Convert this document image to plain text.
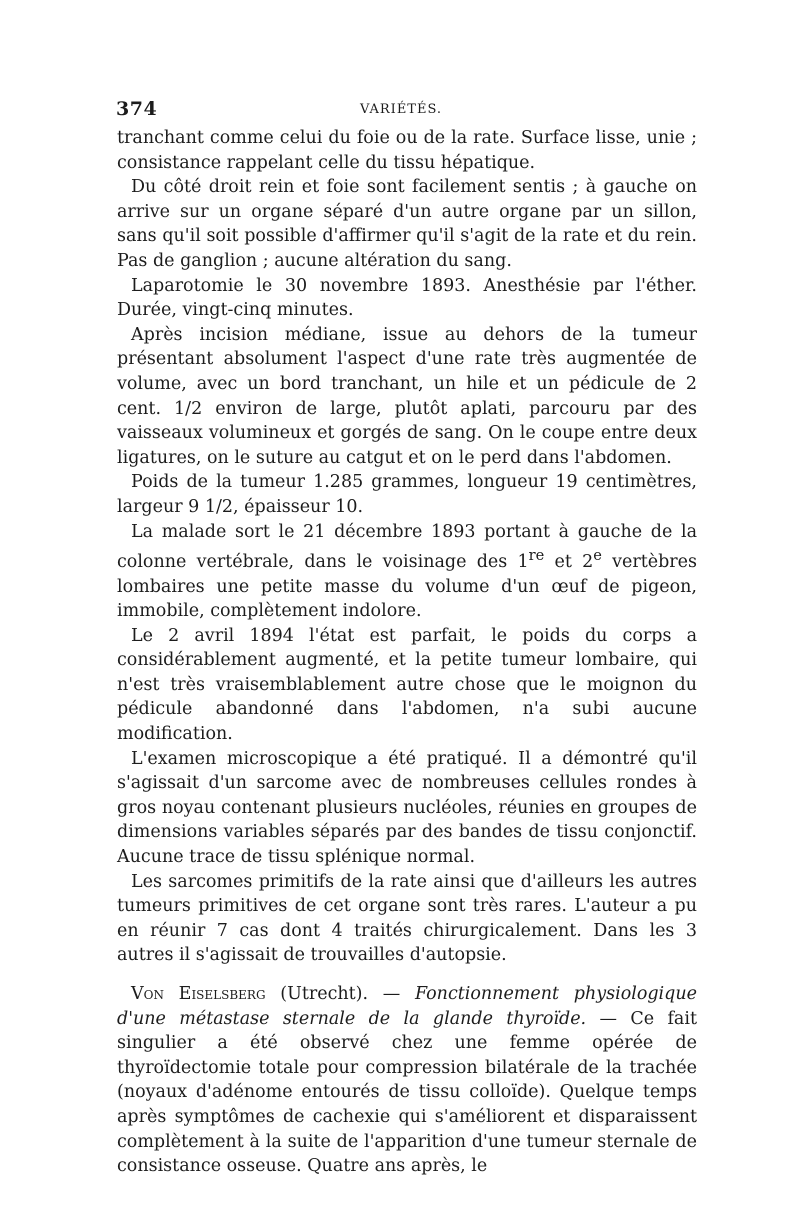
374	VARIÉTÉS.

tranchant comme celui du foie ou de la rate. Surface lisse, unie ; consistance rappelant celle du tissu hépatique.

Du côté droit rein et foie sont facilement sentis ; à gauche on arrive sur un organe séparé d'un autre organe par un sillon, sans qu'il soit possible d'affirmer qu'il s'agit de la rate et du rein. Pas de ganglion ; aucune altération du sang.

Laparotomie le 30 novembre 1893. Anesthésie par l'éther. Durée, vingt-cinq minutes.

Après incision médiane, issue au dehors de la tumeur présentant absolument l'aspect d'une rate très augmentée de volume, avec un bord tranchant, un hile et un pédicule de 2 cent. 1/2 environ de large, plutôt aplati, parcouru par des vaisseaux volumineux et gorgés de sang. On le coupe entre deux ligatures, on le suture au catgut et on le perd dans l'abdomen.

Poids de la tumeur 1.285 grammes, longueur 19 centimètres, largeur 9 1/2, épaisseur 10.

La malade sort le 21 décembre 1893 portant à gauche de la colonne vertébrale, dans le voisinage des 1re et 2e vertèbres lombaires une petite masse du volume d'un œuf de pigeon, immobile, complètement indolore.

Le 2 avril 1894 l'état est parfait, le poids du corps a considérablement augmenté, et la petite tumeur lombaire, qui n'est très vraisemblablement autre chose que le moignon du pédicule abandonné dans l'abdomen, n'a subi aucune modification.

L'examen microscopique a été pratiqué. Il a démontré qu'il s'agissait d'un sarcome avec de nombreuses cellules rondes à gros noyau contenant plusieurs nucléoles, réunies en groupes de dimensions variables séparés par des bandes de tissu conjonctif. Aucune trace de tissu splénique normal.

Les sarcomes primitifs de la rate ainsi que d'ailleurs les autres tumeurs primitives de cet organe sont très rares. L'auteur a pu en réunir 7 cas dont 4 traités chirurgicalement. Dans les 3 autres il s'agissait de trouvailles d'autopsie.

Von Eiselsberg (Utrecht). — Fonctionnement physiologique d'une métastase sternale de la glande thyroïde. — Ce fait singulier a été observé chez une femme opérée de thyroïdectomie totale pour compression bilatérale de la trachée (noyaux d'adénome entourés de tissu colloïde). Quelque temps après symptômes de cachexie qui s'améliorent et disparaissent complètement à la suite de l'apparition d'une tumeur sternale de consistance osseuse. Quatre ans après, le
